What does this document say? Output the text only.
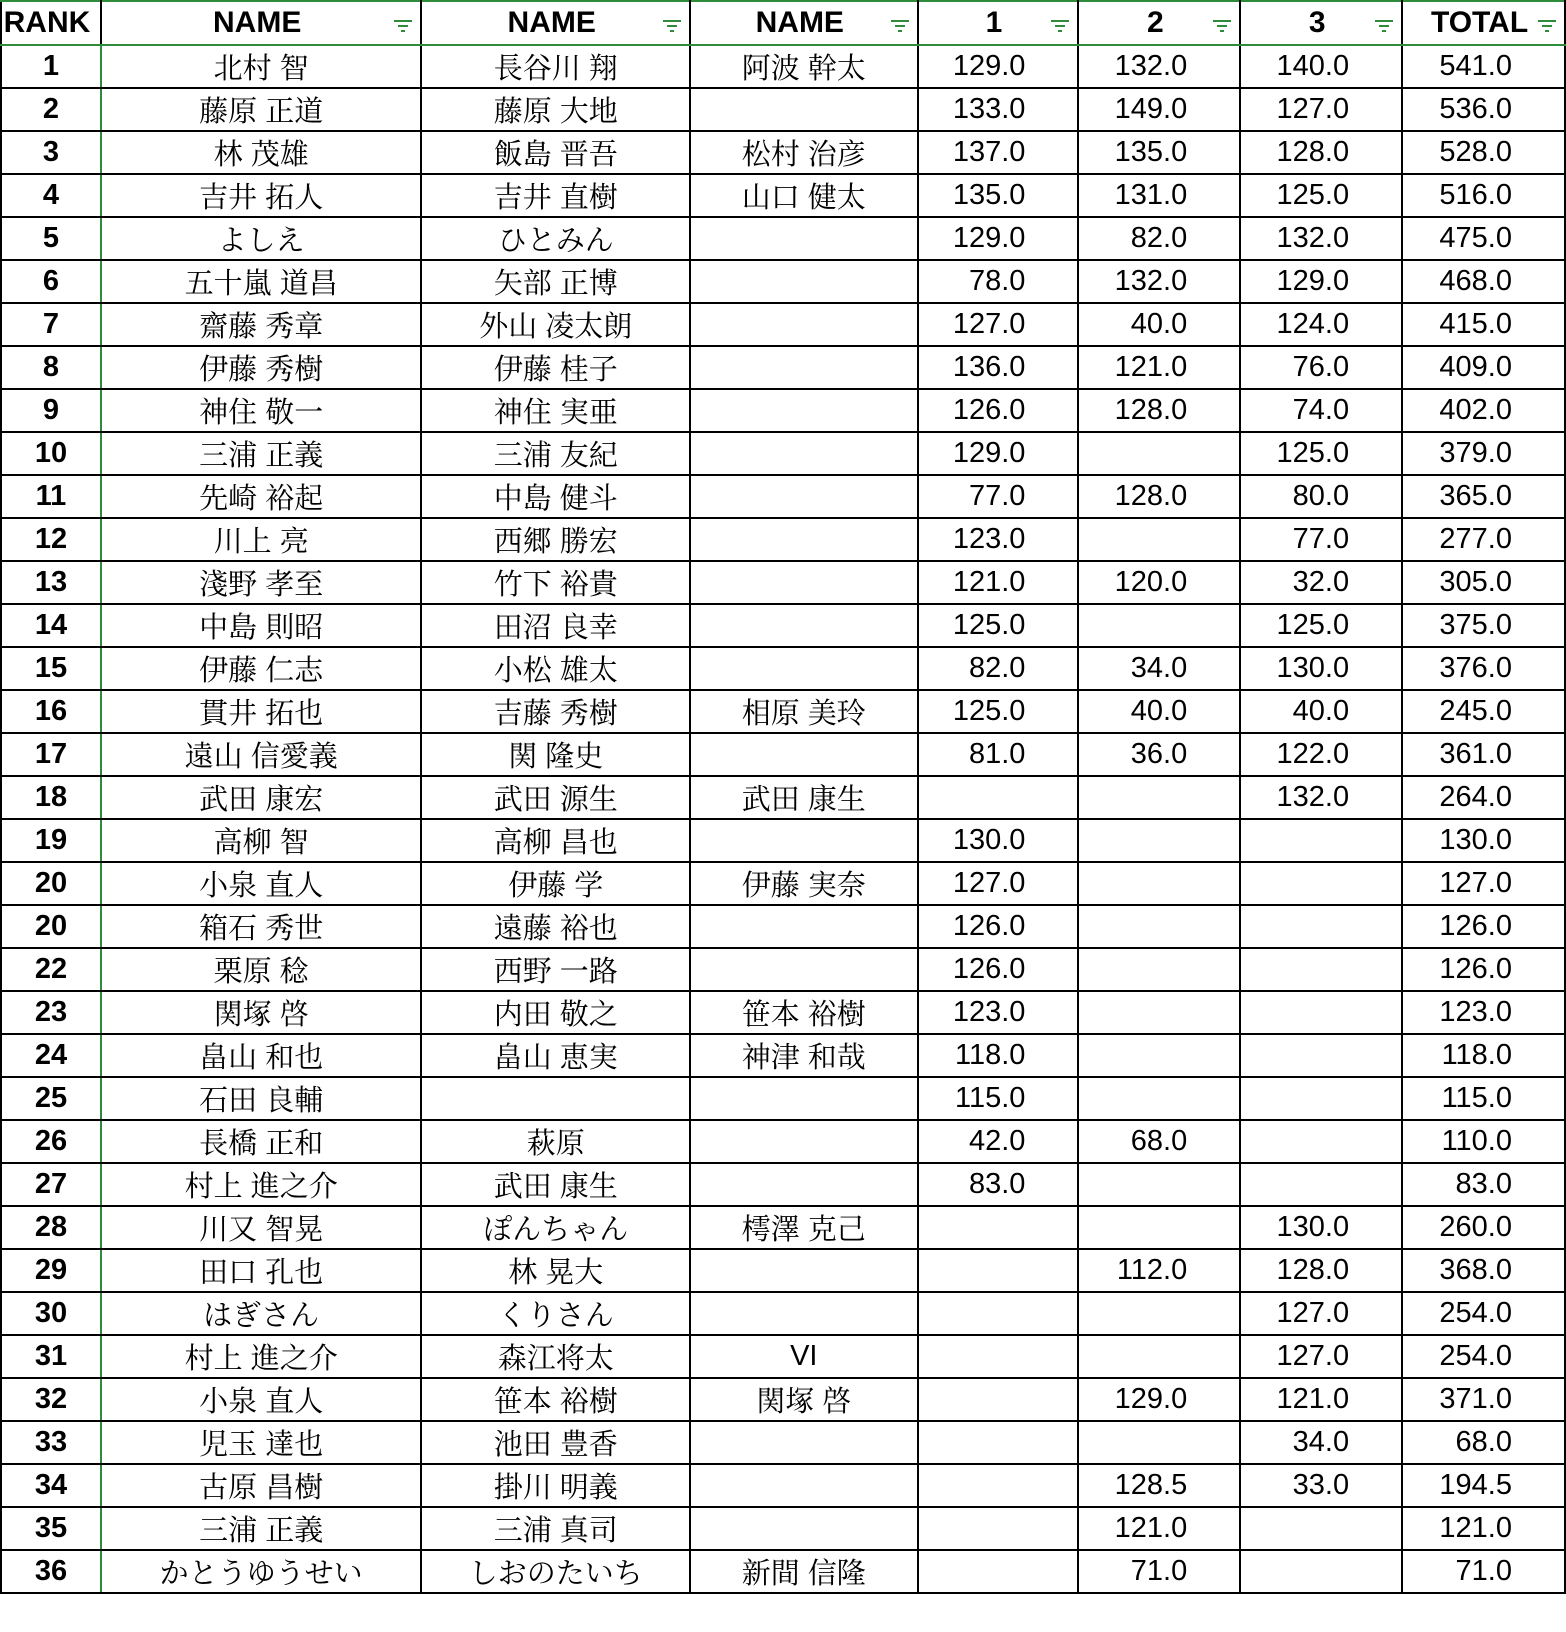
RANK	NAME	NAME	NAME	1	2	3	TOTAL

1	北村 智	長谷川 翔	阿波 幹太	129.0	132.0	140.0	541.0
2	藤原 正道	藤原 大地		133.0	149.0	127.0	536.0
3	林 茂雄	飯島 晋吾	松村 治彦	137.0	135.0	128.0	528.0
4	吉井 拓人	吉井 直樹	山口 健太	135.0	131.0	125.0	516.0
5	よしえ	ひとみん		129.0	82.0	132.0	475.0
6	五十嵐 道昌	矢部 正博		78.0	132.0	129.0	468.0
7	齋藤 秀章	外山 凌太朗		127.0	40.0	124.0	415.0
8	伊藤 秀樹	伊藤 桂子		136.0	121.0	76.0	409.0
9	神住 敬一	神住 実亜		126.0	128.0	74.0	402.0
10	三浦 正義	三浦 友紀		129.0		125.0	379.0
11	先崎 裕起	中島 健斗		77.0	128.0	80.0	365.0
12	川上 亮	西郷 勝宏		123.0		77.0	277.0
13	淺野 孝至	竹下 裕貴		121.0	120.0	32.0	305.0
14	中島 則昭	田沼 良幸		125.0		125.0	375.0
15	伊藤 仁志	小松 雄太		82.0	34.0	130.0	376.0
16	貫井 拓也	吉藤 秀樹	相原 美玲	125.0	40.0	40.0	245.0
17	遠山 信愛義	関 隆史		81.0	36.0	122.0	361.0
18	武田 康宏	武田 源生	武田 康生			132.0	264.0
19	高柳 智	高柳 昌也		130.0			130.0
20	小泉 直人	伊藤 学	伊藤 実奈	127.0			127.0
20	箱石 秀世	遠藤 裕也		126.0			126.0
22	栗原 稔	西野 一路		126.0			126.0
23	関塚 啓	内田 敬之	笹本 裕樹	123.0			123.0
24	畠山 和也	畠山 恵実	神津 和哉	118.0			118.0
25	石田 良輔			115.0			115.0
26	長橋 正和	萩原		42.0	68.0		110.0
27	村上 進之介	武田 康生		83.0			83.0
28	川又 智晃	ぽんちゃん	樗澤 克己			130.0	260.0
29	田口 孔也	林 晃大			112.0	128.0	368.0
30	はぎさん	くりさん				127.0	254.0
31	村上 進之介	森江将太	VI			127.0	254.0
32	小泉 直人	笹本 裕樹	関塚 啓		129.0	121.0	371.0
33	児玉 達也	池田 豊香				34.0	68.0
34	古原 昌樹	掛川 明義			128.5	33.0	194.5
35	三浦 正義	三浦 真司			121.0		121.0
36	かとうゆうせい	しおのたいち	新間 信隆		71.0		71.0
